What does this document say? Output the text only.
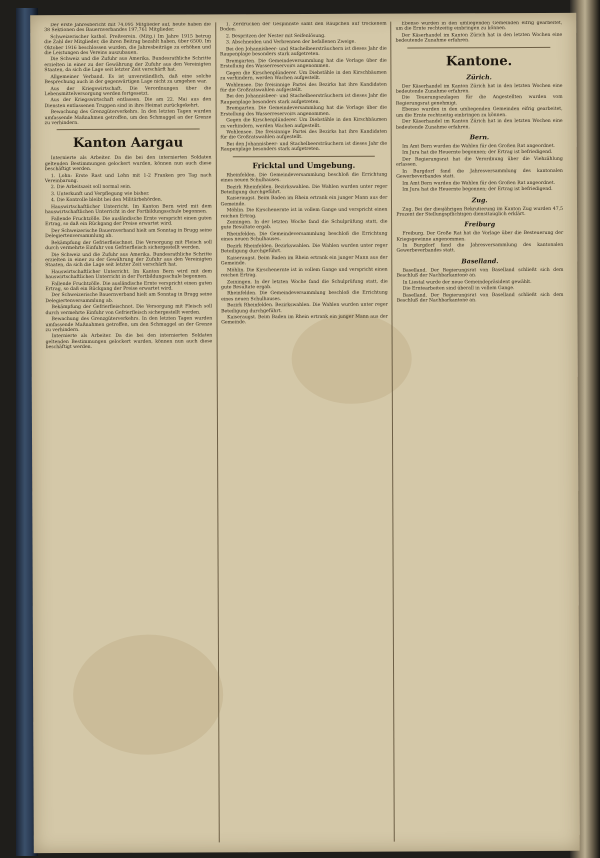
Der erste Jahresbericht mit 74,095 Mitglieder auf, heute haben die 38 Sektionen des Bauernverbandes 197,761 Mitglieder.

Schweizerischer kathol. Preßverein. (Mitg.) Im Jahre 1915 betrug die Zahl der Mitglieder, die ihren Beitrag bezahlt haben, über 6500. Im Oktober 1916 beschlossen wurden, die Jahresbeiträge zu erhöhen und die Leistungen des Vereins auszubauen.

Die Schweiz und die Zufuhr aus Amerika. Bundesrathliche Schritte erzielten in einer zu der Gewährung der Zufuhr aus den Vereinigten Staaten, da sich die Lage seit letzter Zeit verschärft hat.

Allgemeiner Verband. Es ist unverständlich, daß eine solche Besprechung auch in der gegenwärtigen Lage nicht zu umgehen war.

Aus der Kriegswirtschaft. Die Verordnungen über die Lebensmittelversorgung werden fortgesetzt.

Aus der Kriegswirtschaft entlassen. Die am 22. Mai aus den Diensten entlassenen Truppen sind in ihre Heimat zurückgekehrt.

Bewachung des Grenzgüterverkehrs. In den letzten Tagen wurden umfassende Maßnahmen getroffen, um den Schmuggel an der Grenze zu verhindern.

Kanton Aargau

Internierte als Arbeiter. Da die bei den internierten Soldaten geltenden Bestimmungen gelockert wurden, können nun auch diese beschäftigt werden.

1. Lohn: Erste Rast und Lohn mit 1-2 Franken pro Tag nach Vereinbarung.

2. Die Arbeitszeit soll normal sein.

3. Unterkunft und Verpflegung wie bisher.

4. Die Kontrolle bleibt bei den Militärbehörden.

Hauswirtschaftlicher Unterricht. Im Kanton Bern wird mit dem hauswirtschaftlichen Unterricht in der Fortbildungsschule begonnen.

Fallende Fruchtzölle. Die ausländische Ernte verspricht einen guten Ertrag, so daß ein Rückgang der Preise erwartet wird.

Der Schweizerische Bauernverband hielt am Sonntag in Brugg seine Delegiertenversammlung ab.

Bekämpfung der Gefrierfleischnot. Die Versorgung mit Fleisch soll durch vermehrte Einfuhr von Gefrierfleisch sichergestellt werden.

Die Schweiz und die Zufuhr aus Amerika. Bundesrathliche Schritte erzielten in einer zu der Gewährung der Zufuhr aus den Vereinigten Staaten, da sich die Lage seit letzter Zeit verschärft hat.

Hauswirtschaftlicher Unterricht. Im Kanton Bern wird mit dem hauswirtschaftlichen Unterricht in der Fortbildungsschule begonnen.

Fallende Fruchtzölle. Die ausländische Ernte verspricht einen guten Ertrag, so daß ein Rückgang der Preise erwartet wird.

Der Schweizerische Bauernverband hielt am Sonntag in Brugg seine Delegiertenversammlung ab.

Bekämpfung der Gefrierfleischnot. Die Versorgung mit Fleisch soll durch vermehrte Einfuhr von Gefrierfleisch sichergestellt werden.

Bewachung des Grenzgüterverkehrs. In den letzten Tagen wurden umfassende Maßnahmen getroffen, um den Schmuggel an der Grenze zu verhindern.

Internierte als Arbeiter. Da die bei den internierten Soldaten geltenden Bestimmungen gelockert wurden, können nun auch diese beschäftigt werden.

1. Zerdrücken der Gespinnste samt den Räupchen auf trockenem Boden.

2. Bespritzen der Nester mit Seifenlösung.

3. Abschneiden und Verbrennen der befallenen Zweige.

Bei den Johannisbeer- und Stachelbeersträuchern ist dieses Jahr die Raupenplage besonders stark aufgetreten.

Bremgarten. Die Gemeindeversammlung hat die Vorlage über die Erstellung des Wasserreservoirs angenommen.

Gegen die Kirschenplünderer. Um Diebstähle in den Kirschbäumen zu verhindern, werden Wachen aufgestellt.

Wohlensee. Die freisinnige Partei des Bezirks hat ihre Kandidaten für die Großratswahlen aufgestellt.

Bei den Johannisbeer- und Stachelbeersträuchern ist dieses Jahr die Raupenplage besonders stark aufgetreten.

Bremgarten. Die Gemeindeversammlung hat die Vorlage über die Erstellung des Wasserreservoirs angenommen.

Gegen die Kirschenplünderer. Um Diebstähle in den Kirschbäumen zu verhindern, werden Wachen aufgestellt.

Wohlensee. Die freisinnige Partei des Bezirks hat ihre Kandidaten für die Großratswahlen aufgestellt.

Bei den Johannisbeer- und Stachelbeersträuchern ist dieses Jahr die Raupenplage besonders stark aufgetreten.

Fricktal und Umgebung.

Rheinfelden. Die Gemeindeversammlung beschloß die Errichtung eines neuen Schulhauses.

Bezirk Rheinfelden. Bezirkswahlen. Die Wahlen wurden unter reger Beteiligung durchgeführt.

Kaiseraugst. Beim Baden im Rhein ertrank ein junger Mann aus der Gemeinde.

Möhlin. Die Kirschenernte ist in vollem Gange und verspricht einen reichen Ertrag.

Zeiningen. In der letzten Woche fand die Schulprüfung statt, die gute Resultate ergab.

Rheinfelden. Die Gemeindeversammlung beschloß die Errichtung eines neuen Schulhauses.

Bezirk Rheinfelden. Bezirkswahlen. Die Wahlen wurden unter reger Beteiligung durchgeführt.

Kaiseraugst. Beim Baden im Rhein ertrank ein junger Mann aus der Gemeinde.

Möhlin. Die Kirschenernte ist in vollem Gange und verspricht einen reichen Ertrag.

Zeiningen. In der letzten Woche fand die Schulprüfung statt, die gute Resultate ergab.

Rheinfelden. Die Gemeindeversammlung beschloß die Errichtung eines neuen Schulhauses.

Bezirk Rheinfelden. Bezirkswahlen. Die Wahlen wurden unter reger Beteiligung durchgeführt.

Kaiseraugst. Beim Baden im Rhein ertrank ein junger Mann aus der Gemeinde.

Ebenso wurden in den umliegenden Gemeinden eifrig gearbeitet, um die Ernte rechtzeitig einbringen zu können.

Der Käserhandel im Kanton Zürich hat in den letzten Wochen eine bedeutende Zunahme erfahren.

Kantone.
Zürich.

Der Käserhandel im Kanton Zürich hat in den letzten Wochen eine bedeutende Zunahme erfahren.

Die Teuerungszulagen für die Angestellten wurden vom Regierungsrat genehmigt.

Ebenso wurden in den umliegenden Gemeinden eifrig gearbeitet, um die Ernte rechtzeitig einbringen zu können.

Der Käserhandel im Kanton Zürich hat in den letzten Wochen eine bedeutende Zunahme erfahren.

Bern.

Im Amt Bern wurden die Wahlen für den Großen Rat angeordnet.

Im Jura hat die Heuernte begonnen; der Ertrag ist befriedigend.

Der Regierungsrat hat die Verordnung über die Viehzählung erlassen.

In Burgdorf fand die Jahresversammlung des kantonalen Gewerbeverbandes statt.

Im Amt Bern wurden die Wahlen für den Großen Rat angeordnet.

Im Jura hat die Heuernte begonnen; der Ertrag ist befriedigend.

Zug.

Zug. Bei der diesjährigen Rekrutierung im Kanton Zug wurden 47,5 Prozent der Stellungspflichtigen diensttauglich erklärt.

Freiburg

Freiburg. Der Große Rat hat die Vorlage über die Besteuerung der Kriegsgewinne angenommen.

In Burgdorf fand die Jahresversammlung des kantonalen Gewerbeverbandes statt.

Baselland.

Baselland. Der Regierungsrat von Baselland schließt sich dem Beschluß der Nachbarkantone an.

In Liestal wurde der neue Gemeindepräsident gewählt.

Die Erntearbeiten sind überall in vollem Gange.

Baselland. Der Regierungsrat von Baselland schließt sich dem Beschluß der Nachbarkantone an.
